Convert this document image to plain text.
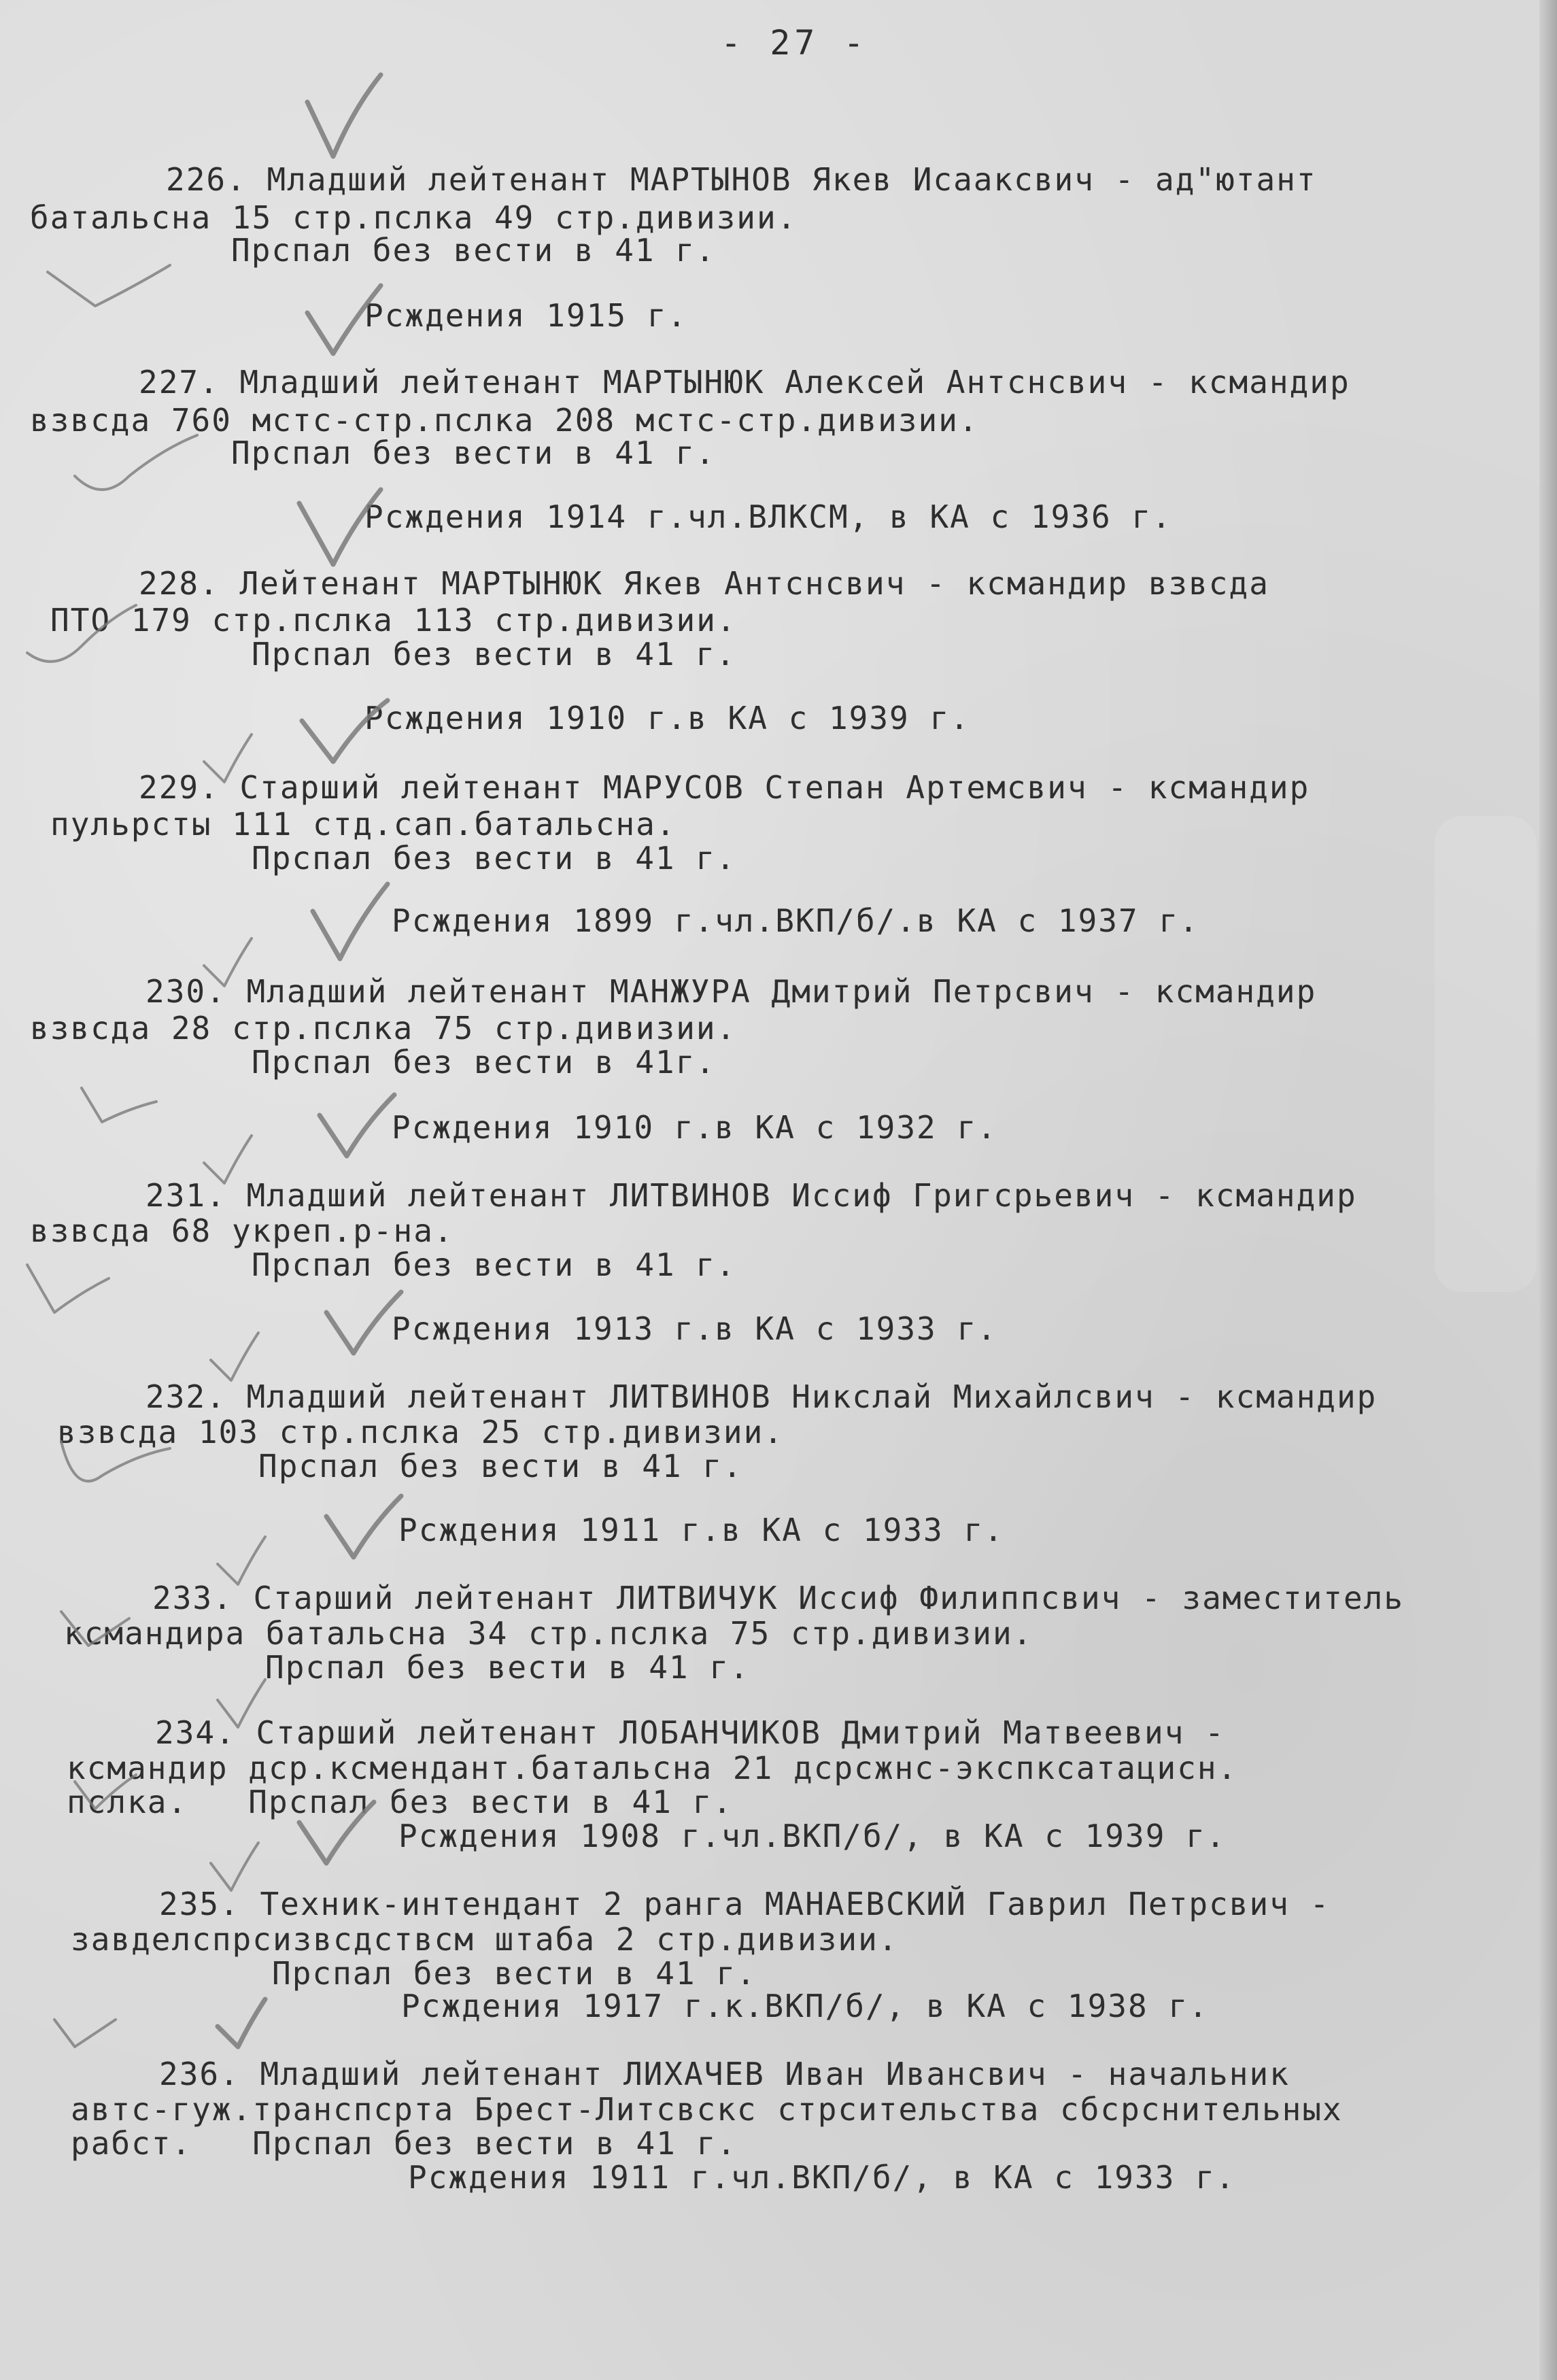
- 27 -
226. Младший лейтенант МАРТЫНОВ Якев Исааксвич - ад"ютант
батальсна 15 стр.пслка 49 стр.дивизии.
Прспал без вести в 41 г.
Рсждения 1915 г.
227. Младший лейтенант МАРТЫНЮК Алексей Антснсвич - ксмандир
взвсда 760 мстс-стр.пслка 208 мстс-стр.дивизии.
Прспал без вести в 41 г.
Рсждения 1914 г.чл.ВЛКСМ, в КА с 1936 г.
228. Лейтенант МАРТЫНЮК Якев Антснсвич - ксмандир взвсда
ПТО 179 стр.пслка 113 стр.дивизии.
Прспал без вести в 41 г.
Рсждения 1910 г.в КА с 1939 г.
229. Старший лейтенант МАРУСОВ Степан Артемсвич - ксмандир
пульрсты 111 стд.сап.батальсна.
Прспал без вести в 41 г.
Рсждения 1899 г.чл.ВКП/б/.в КА с 1937 г.
230. Младший лейтенант МАНЖУРА Дмитрий Петрсвич - ксмандир
взвсда 28 стр.пслка 75 стр.дивизии.
Прспал без вести в 41г.
Рсждения 1910 г.в КА с 1932 г.
231. Младший лейтенант ЛИТВИНОВ Иссиф Григсрьевич - ксмандир
взвсда 68 укреп.р-на.
Прспал без вести в 41 г.
Рсждения 1913 г.в КА с 1933 г.
232. Младший лейтенант ЛИТВИНОВ Никслай Михайлсвич - ксмандир
взвсда 103 стр.пслка 25 стр.дивизии.
Прспал без вести в 41 г.
Рсждения 1911 г.в КА с 1933 г.
233. Старший лейтенант ЛИТВИЧУК Иссиф Филиппсвич - заместитель
ксмандира батальсна 34 стр.пслка 75 стр.дивизии.
Прспал без вести в 41 г.
234. Старший лейтенант ЛОБАНЧИКОВ Дмитрий Матвеевич -
ксмандир дср.ксмендант.батальсна 21 дсрсжнс-экспксатацисн.
пслка.   Прспал без вести в 41 г.
Рсждения 1908 г.чл.ВКП/б/, в КА с 1939 г.
235. Техник-интендант 2 ранга МАНАЕВСКИЙ Гаврил Петрсвич -
завделспрсизвсдствсм штаба 2 стр.дивизии.
Прспал без вести в 41 г.
Рсждения 1917 г.к.ВКП/б/, в КА с 1938 г.
236. Младший лейтенант ЛИХАЧЕВ Иван Ивансвич - начальник
автс-гуж.транспсрта Брест-Литсвскс стрсительства сбсрснительных
рабст.   Прспал без вести в 41 г.
Рсждения 1911 г.чл.ВКП/б/, в КА с 1933 г.
